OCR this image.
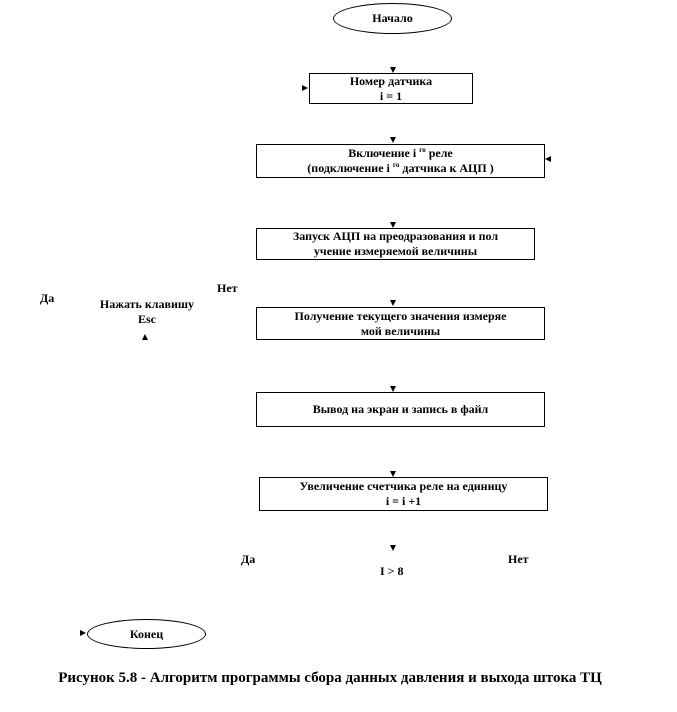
Начало
Номер датчика
i = 1
Включение i $^{го}$ реле
(подключение i $^{го}$ датчика к АЦП )
Запуск АЦП на преодразования и пол
учение измеряемой величины
Да
Нет
Нажать клавишу
Esc	Получение текущего значения измеряе
мой величины
Вывод на экран и запись в файл
Увеличение счетчика реле на единицу
i = i +1
Да
I > 8
Нет
Конец
Рисунок 5.8 - Алгоритм программы сбора данных давления и выхода штока ТЦ
